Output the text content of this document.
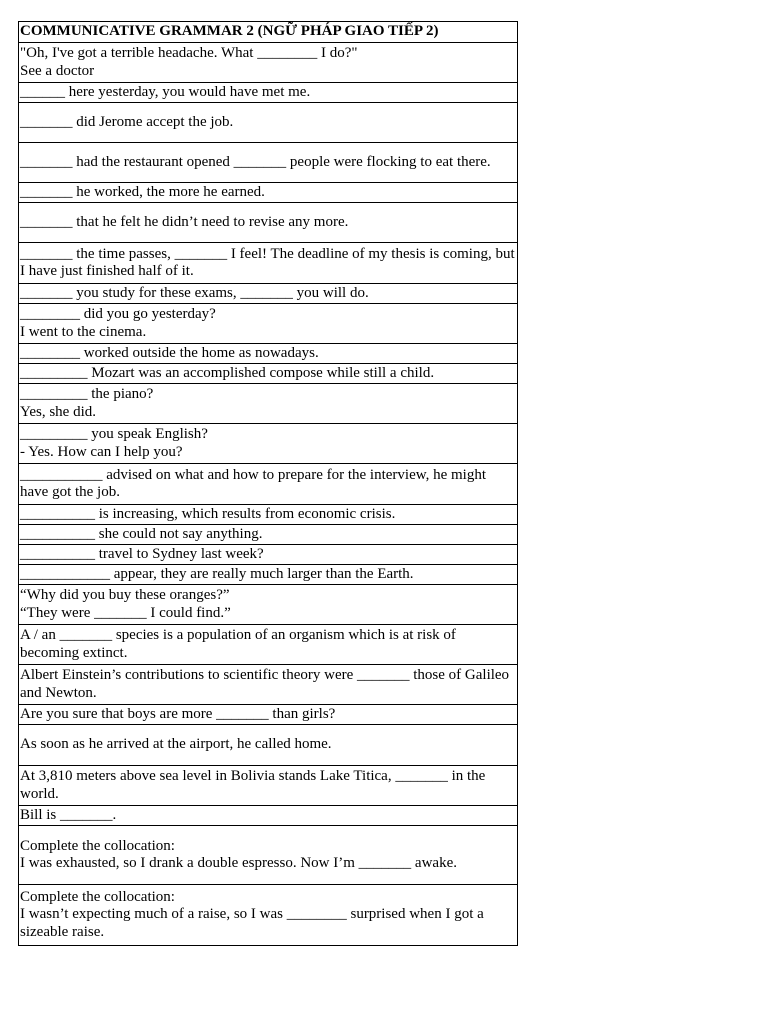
COMMUNICATIVE GRAMMAR 2 (NGỮ PHÁP GIAO TIẾP 2)
"Oh, I've got a terrible headache. What ________ I do?"
See a doctor
______ here yesterday, you would have met me.
_______ did Jerome accept the job.
_______ had the restaurant opened _______ people were flocking to eat there.
_______ he worked, the more he earned.
_______ that he felt he didn’t need to revise any more.
_______ the time passes, _______ I feel! The deadline of my thesis is coming, but I have just finished half of it.
_______ you study for these exams, _______ you will do.
________ did you go yesterday?
I went to the cinema.
________ worked outside the home as nowadays.
_________ Mozart was an accomplished compose while still a child.
_________ the piano?
Yes, she did.
_________ you speak English?
- Yes. How can I help you?
___________ advised on what and how to prepare for the interview, he might have got the job.
__________ is increasing, which results from economic crisis.
__________ she could not say anything.
__________ travel to Sydney last week?
____________ appear, they are really much larger than the Earth.
“Why did you buy these oranges?”
“They were _______ I could find.”
A / an _______ species is a population of an organism which is at risk of becoming extinct.
Albert Einstein’s contributions to scientific theory were _______ those of Galileo and Newton.
Are you sure that boys are more _______ than girls?
As soon as he arrived at the airport, he called home.
At 3,810 meters above sea level in Bolivia stands Lake Titica, _______ in the world.
Bill is _______.
Complete the collocation:
I was exhausted, so I drank a double espresso. Now I’m _______ awake.
Complete the collocation:
I wasn’t expecting much of a raise, so I was ________ surprised when I got a sizeable raise.
